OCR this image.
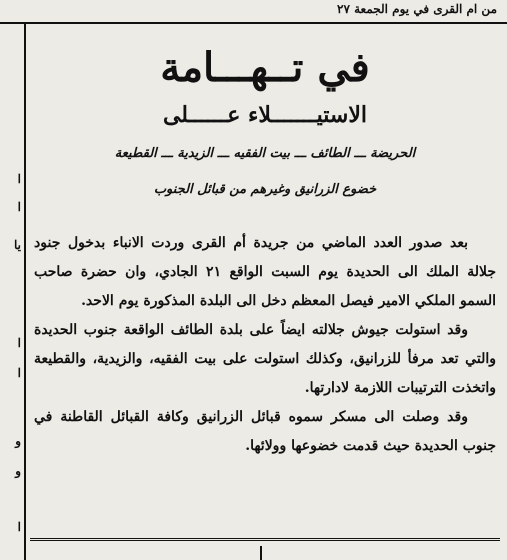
من ام القرى في يوم الجمعة ٢٧
ا
ا
يا
ا
ا
و
و
ا
في تــهـــامة
الاستيـــــــلاء عــــــلى
الحريضة ـــ الطائف ـــ بيت الفقيه ـــ الزيدية ـــ القطيعة
خضوع الزرانيق وغيرهم من قبائل الجنوب

بعد صدور العدد الماضي من جريدة أم القرى وردت الانباء بدخول جنود جلالة الملك الى الحديدة يوم السبت الواقع ٢١ الجادي، وان حضرة صاحب السمو الملكي الامير فيصل المعظم دخل الى البلدة المذكورة يوم الاحد.

وقد استولت جيوش جلالته ايضاً على بلدة الطائف الواقعة جنوب الحديدة والتي تعد مرفأ للزرانيق، وكذلك استولت على بيت الفقيه، والزيدية، والقطيعة واتخذت الترتيبات اللازمة لادارتها.

وقد وصلت الى مسكر سموه قبائل الزرانيق وكافة القبائل القاطنة في جنوب الحديدة حيث قدمت خضوعها وولائها.
